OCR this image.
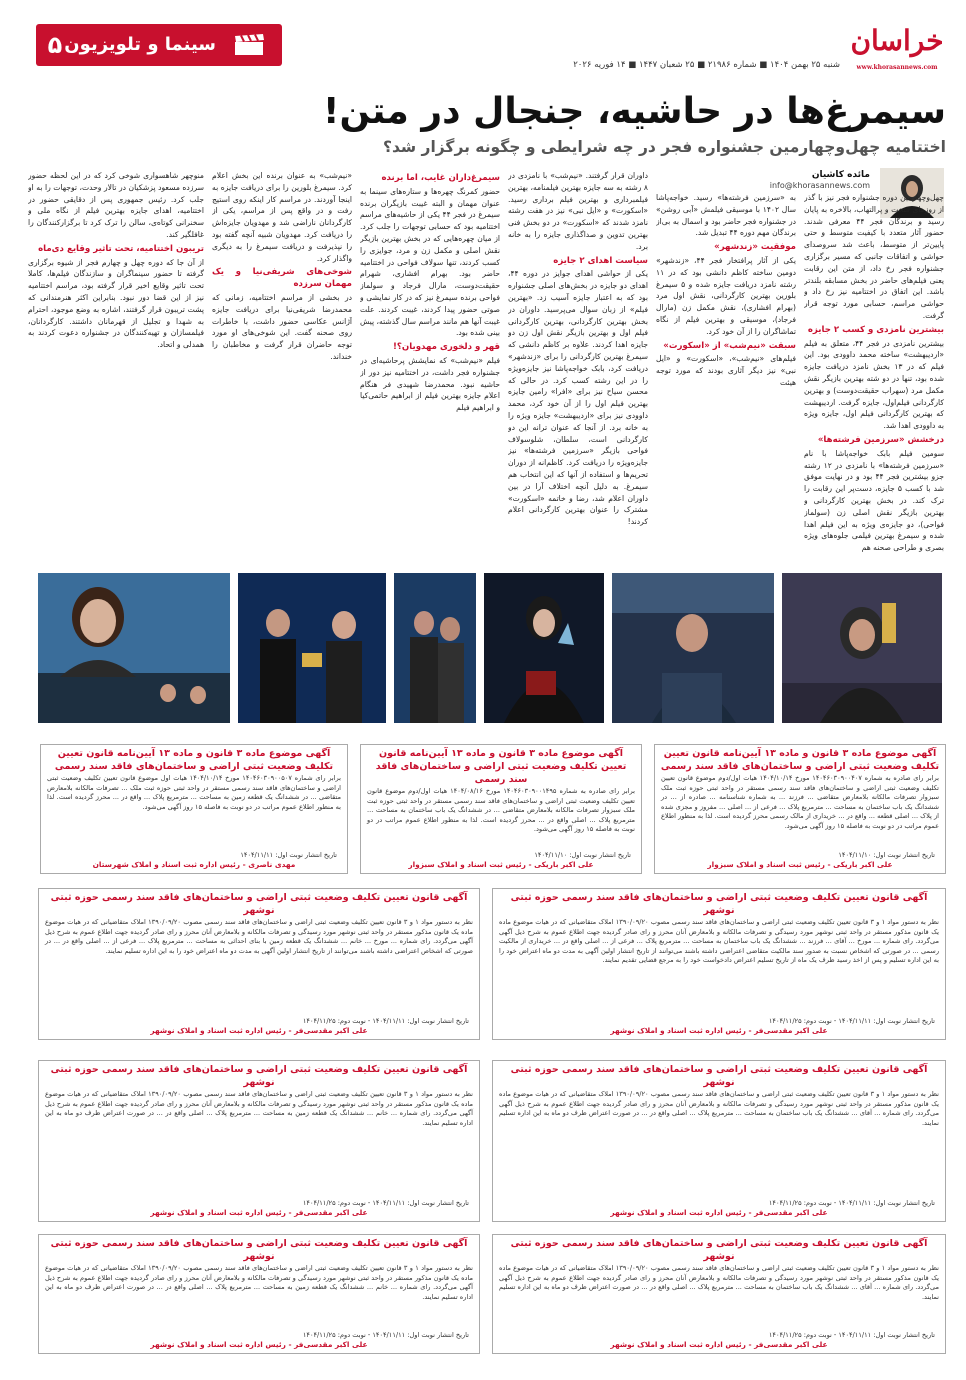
خراسان
www.khorasannews.com
شنبه ۲۵ بهمن ۱۴۰۴ ■ شماره ۲۱۹۸۶ ■ ۲۵ شعبان ۱۴۴۷ ■ ۱۴ فوریه ۲۰۲۶
۵ سینما و تلویزیون
سیمرغ‌ها در حاشیه، جنجال در متن!
اختتامیه چهل‌وچهارمین جشنواره فجر در چه شرایطی و چگونه برگزار شد؟
مائده کاشیان
info@khorasannews.com

چهل‌وچهارمین دوره جشنواره فجر نیز با گذر از روزهای سخت و پرالتهاب، بالاخره به پایان رسید و برندگان فجر ۴۴ معرفی شدند. حضور آثار متعدد با کیفیت متوسط و حتی پایین‌تر از متوسط، باعث شد سروصدای حواشی و اتفاقات جانبی که مسیر برگزاری جشنواره فجر رخ داد، از متن این رقابت یعنی فیلم‌های حاضر در بخش مسابقه بلندتر باشد. این اتفاق در اختتامیه نیز رخ داد و حواشی مراسم، حسابی مورد توجه قرار گرفت.

بیشترین نامزدی و کسب ۲ جایزه

بیشترین نامزدی در فجر ۴۴، متعلق به فیلم «اردیبهشت» ساخته محمد داوودی بود. این فیلم که در ۱۳ بخش نامزد دریافت جایزه شده بود، تنها در دو شته بهترین بازیگر نقش مکمل مرد (سهراب حقیقت‌دوست) و بهترین کارگردانی فیلم‌اول، جایزه گرفت. اردیبهشت که بهترین کارگردانی فیلم اول، جایزه ویژه به داوودی اهدا شد.

درخشش «سرزمین فرشته‌ها»

سومین فیلم بابک خواجه‌پاشا با نام «سرزمین فرشته‌ها» با نامزدی در ۱۲ رشته جزو بیشترین فجر ۴۴ بود و در نهایت موفق شد با کسب ۵ جایزه، دست‌پر این رقابت را ترک کند. در بخش بهترین کارگردانی و بهترین بازیگر نقش اصلی زن (سولماز فواحی)، دو جایزه‌ی ویژه به این فیلم اهدا شده و سیمرغ بهترین فیلمی جلوه‌های ویژه بصری و طراحی صحنه هم

به «سرزمین فرشته‌ها» رسید. خواجه‌پاشا سال ۱۴۰۲ با موسیقی فیلمش «آبی روشن» در جشنواره فجر حاضر بود و اسمال به بی‌از برندگان مهم دوره ۴۴ تبدیل شد.

موفقیت «زندشهر»

یکی از آثار پرافتخار فجر ۴۴، «زندشهر» دومین ساخته کاظم دانشی بود که در ۱۱ رشته نامزد دریافت جایزه شده و ۵ سیمرغ بلورین بهترین کارگردانی، نقش اول مرد (بهرام افشاری)، نقش مکمل زن (مارال فرجاد)، موسیقی و بهترین فیلم از نگاه تماشاگران را از آن خود کرد.

سبقت «نیم‌شب» از «اسکورت»

فیلم‌های «نیم‌شب»، «اسکورت» و «ایل نبی» نیز دیگر آثاری بودند که مورد توجه هیئت

داوران قرار گرفتند. «نیم‌شب» با نامزدی در ۸ رشته به سه جایزه بهترین فیلمنامه، بهترین فیلمبرداری و بهترین فیلم برداری رسید. «اسکورت» و «ایل نبی» نیز در هفت رشته نامزد شدند که «اسکورت» در دو بخش فنی بهترین تدوین و صداگذاری جایزه را به خانه برد.

سیاست اهدای ۲ جایزه

یکی از حواشی اهدای جوایز در دوره ۴۴، اهدای دو جایزه در بخش‌های اصلی جشنواره بود که به اعتبار جایزه آسیب زد. «بهترین فیلم» از زبان سوال می‌پرسید. داوران در بخش بهترین کارگردانی، بهترین کارگردانی فیلم اول و بهترین بازیگر نقش اول زن دو جایزه اهدا کردند. علاوه بر کاظم دانشی که سیمرغ بهترین کارگردانی را برای «زندشهر» دریافت کرد، بابک خواجه‌پاشا نیز جایزه‌ویژه را در این رشته کسب کرد. در حالی که محسن سیاح نیز برای «افرا» رامین جایزه بهترین فیلم اول را از آن خود کرد، محمد داوودی نیز برای «اردیبهشت» جایزه ویژه را به خانه برد. از آنجا که عنوان ترانه این دو کارگردانی است، سلطان، شلوسولاف فواحی بازیگر «سرزمین فرشته‌ها» نیز جایزه‌ویژه را دریافت کرد. کاظم‌انه از دوران تحریم‌ها و استفاده از آنها که این انتخاب هم سیمرغ. به دلیل آنچه اختلاف آرا در بین داوران اعلام شد، رضا و خاتمه «اسکورت» مشترک را عنوان بهترین کارگردانی اعلام کردند!

سیمرغ‌داران غایب، اما برنده

حضور کمرنگ چهره‌ها و ستاره‌های سینما به عنوان مهمان و البته غیبت بازیگران برنده سیمرغ در فجر ۴۴ یکی از حاشیه‌های مراسم اختتامیه بود که حسابی توجهات را جلب کرد. از میان چهره‌هایی که در بخش بهترین بازیگر نقش اصلی و مکمل زن و مرد، جوایزی را کسب کردند، تنها سولاف فواحی در اختتامیه حاضر بود. بهرام افشاری، شهرام حقیقت‌دوست، مارال فرجاد و سولماز فواحی برنده سیمرغ نیز که در کار نمایشی و صوتی حضور پیدا کردند، غیبت کردند. علت غیبت آنها هم مانند مراسم سال گذشته، پیش بینی شده بود.

قهر و دلخوری مهدویان؟!

فیلم «نیم‌شب» که نمایشش پرحاشیه‌ای در جشنواره فجر داشت، در اختتامیه نیز دور از حاشیه نبود. محمدرضا شهیدی فر هنگام اعلام جایزه بهترین فیلم از ابراهیم حاتمی‌کیا و ابراهیم فیلم

«نیم‌شب» به عنوان برنده این بخش اعلام کرد. سیمرغ بلورین را برای دریافت جایزه به اینجا آوردند. در مراسم کار اینکه روی استیج رفت و در واقع پس از مراسم، یکی از کارگردانان ناراضی شد و مهدویان جایزه‌اش را دریافت کرد. مهدویان شبیه آنچه گفته بود را نپذیرفت و دریافت سیمرغ را به دیگری واگذار کرد.

شوخی‌های شریفی‌نیا و یک مهمان سرزده

در بخشی از مراسم اختتامیه، زمانی که محمدرضا شریفی‌نیا برای دریافت جایزه آژانس عکاسی حضور داشت، با خاطرات روی صحنه گفت. این شوخی‌های او مورد توجه حاضران قرار گرفت و مخاطبان را خنداند.

منوچهر شاهسواری شوخی کرد که در این لحظه حضور سرزده مسعود پزشکیان در تالار وحدت، توجهات را به او جلب کرد. رئیس جمهوری پس از دقایقی حضور در اختتامیه، اهدای جایزه بهترین فیلم از نگاه ملی و سخنرانی کوتاه‌ی، سالن را ترک کرد تا برگزارکنندگان را غافلگیر کند.

تریبون اختتامیه، تحت تاثیر وقایع دی‌ماه

از آن جا که دوره چهل و چهارم فجر از شیوه برگزاری گرفته تا حضور سینماگران و سازندگان فیلم‌ها، کاملا تحت تاثیر وقایع اخیر قرار گرفته بود، مراسم اختتامیه نیز از این قضا دور نبود. بنابراین اکثر هنرمندانی که پشت تریبون قرار گرفتند، اشاره به وضع موجود، احترام به شهدا و تجلیل از قهرمانان داشتند. کارگردانان، فیلمسازان و تهیه‌کنندگان در جشنواره دعوت کردند به همدلی و اتحاد.

آگهی موضوع ماده ۳ قانون و ماده ۱۳ آیین‌نامه قانون تعیین تکلیف وضعیت ثبتی اراضی و ساختمان‌های فاقد سند رسمی
برابر رای صادره به شماره ۱۴۰۴۶۰۳۰۹۰۰۴۰۷ مورخ ۱۴۰۴/۱۰/۱۴ هیات اول/دوم موضوع قانون تعیین تکلیف وضعیت ثبتی اراضی و ساختمان‌های فاقد سند رسمی مستقر در واحد ثبتی حوزه ثبت ملک سبزوار تصرفات مالکانه بلامعارض متقاضی ... فرزند ... به شماره شناسنامه ... صادره از ... در ششدانگ یک باب ساختمان به مساحت ... مترمربع پلاک ... فرعی از ... اصلی ... مفروز و مجزی شده از پلاک ... اصلی قطعه ... واقع در ... خریداری از مالک رسمی محرز گردیده است. لذا به منظور اطلاع عموم مراتب در دو نوبت به فاصله ۱۵ روز آگهی می‌شود.
تاریخ انتشار نوبت اول: ۱۴۰۴/۱۱/۱۰
علی اکبر باریکی - رئیس ثبت اسناد و املاک سبزوار
آگهی موضوع ماده ۳ قانون و ماده ۱۳ آیین‌نامه قانون تعیین تکلیف وضعیت ثبتی اراضی و ساختمان‌های فاقد سند رسمی
برابر رای صادره به شماره ۱۴۰۴۶۰۳۰۹۰۰۱۴۹۵ مورخ ۱۴۰۴/۰۸/۱۶ هیات اول/دوم موضوع قانون تعیین تکلیف وضعیت ثبتی اراضی و ساختمان‌های فاقد سند رسمی مستقر در واحد ثبتی حوزه ثبت ملک سبزوار تصرفات مالکانه بلامعارض متقاضی ... در ششدانگ یک باب ساختمان به مساحت ... مترمربع پلاک ... اصلی واقع در ... محرز گردیده است. لذا به منظور اطلاع عموم مراتب در دو نوبت به فاصله ۱۵ روز آگهی می‌شود.
تاریخ انتشار نوبت اول: ۱۴۰۴/۱۱/۱۰
علی اکبر باریکی - رئیس ثبت اسناد و املاک سبزوار
آگهی موضوع ماده ۳ قانون و ماده ۱۳ آیین‌نامه قانون تعیین تکلیف وضعیت ثبتی اراضی و ساختمان‌های فاقد سند رسمی
برابر رای شماره ۱۴۰۴۶۰۳۰۹۰۰۵۰۷ مورخ ۱۴۰۴/۱۰/۱۴ هیات اول موضوع قانون تعیین تکلیف وضعیت ثبتی اراضی و ساختمان‌های فاقد سند رسمی مستقر در واحد ثبتی حوزه ثبت ملک ... تصرفات مالکانه بلامعارض متقاضی ... در ششدانگ یک قطعه زمین به مساحت ... مترمربع پلاک ... واقع در ... محرز گردیده است. لذا به منظور اطلاع عموم مراتب در دو نوبت به فاصله ۱۵ روز آگهی می‌شود.
تاریخ انتشار نوبت اول: ۱۴۰۴/۱۱/۱۱
مهدی ناصری - رئیس اداره ثبت اسناد و املاک شهرستان
آگهی قانون تعیین تکلیف وضعیت ثبتی اراضی و ساختمان‌های فاقد سند رسمی حوزه ثبتی نوشهر
نظر به دستور مواد ۱ و ۳ قانون تعیین تکلیف وضعیت ثبتی اراضی و ساختمان‌های فاقد سند رسمی مصوب ۱۳۹۰/۰۹/۲۰ املاک متقاضیانی که در هیات موضوع ماده یک قانون مذکور مستقر در واحد ثبتی نوشهر مورد رسیدگی و تصرفات مالکانه و بلامعارض آنان محرز و رای صادر گردیده جهت اطلاع عموم به شرح ذیل آگهی می‌گردد. رای شماره ... مورخ ... آقای ... فرزند ... ششدانگ یک باب ساختمان به مساحت ... مترمربع پلاک ... فرعی از ... اصلی واقع در ... خریداری از مالکیت رسمی ... در صورتی که اشخاص نسبت به صدور سند مالکیت متقاضی اعتراضی داشته باشند می‌توانند از تاریخ انتشار اولین آگهی به مدت دو ماه اعتراض خود را به این اداره تسلیم و پس از اخذ رسید ظرف یک ماه از تاریخ تسلیم اعتراض دادخواست خود را به مرجع قضایی تقدیم نمایند.
تاریخ انتشار نوبت اول: ۱۴۰۴/۱۱/۱۱ - نوبت دوم: ۱۴۰۴/۱۱/۲۵
علی اکبر مقدسی‌فر - رئیس اداره ثبت اسناد و املاک نوشهر
آگهی قانون تعیین تکلیف وضعیت ثبتی اراضی و ساختمان‌های فاقد سند رسمی حوزه ثبتی نوشهر
نظر به دستور مواد ۱ و ۳ قانون تعیین تکلیف وضعیت ثبتی اراضی و ساختمان‌های فاقد سند رسمی مصوب ۱۳۹۰/۰۹/۲۰ املاک متقاضیانی که در هیات موضوع ماده یک قانون مذکور مستقر در واحد ثبتی نوشهر مورد رسیدگی و تصرفات مالکانه و بلامعارض آنان محرز و رای صادر گردیده جهت اطلاع عموم به شرح ذیل آگهی می‌گردد. رای شماره ... مورخ ... خانم ... ششدانگ یک قطعه زمین با بنای احداثی به مساحت ... مترمربع پلاک ... فرعی از ... اصلی واقع در ... در صورتی که اشخاص اعتراضی داشته باشند می‌توانند از تاریخ انتشار اولین آگهی به مدت دو ماه اعتراض خود را به این اداره تسلیم نمایند.
تاریخ انتشار نوبت اول: ۱۴۰۴/۱۱/۱۱ - نوبت دوم: ۱۴۰۴/۱۱/۲۵
علی اکبر مقدسی‌فر - رئیس اداره ثبت اسناد و املاک نوشهر
آگهی قانون تعیین تکلیف وضعیت ثبتی اراضی و ساختمان‌های فاقد سند رسمی حوزه ثبتی نوشهر
نظر به دستور مواد ۱ و ۳ قانون تعیین تکلیف وضعیت ثبتی اراضی و ساختمان‌های فاقد سند رسمی مصوب ۱۳۹۰/۰۹/۲۰ املاک متقاضیانی که در هیات موضوع ماده یک قانون مذکور مستقر در واحد ثبتی نوشهر مورد رسیدگی و تصرفات مالکانه و بلامعارض آنان محرز و رای صادر گردیده جهت اطلاع عموم به شرح ذیل آگهی می‌گردد. رای شماره ... آقای ... ششدانگ یک باب ساختمان به مساحت ... مترمربع پلاک ... اصلی واقع در ... در صورت اعتراض ظرف دو ماه به این اداره تسلیم نمایند.
تاریخ انتشار نوبت اول: ۱۴۰۴/۱۱/۱۱ - نوبت دوم: ۱۴۰۴/۱۱/۲۵
علی اکبر مقدسی‌فر - رئیس اداره ثبت اسناد و املاک نوشهر
آگهی قانون تعیین تکلیف وضعیت ثبتی اراضی و ساختمان‌های فاقد سند رسمی حوزه ثبتی نوشهر
نظر به دستور مواد ۱ و ۳ قانون تعیین تکلیف وضعیت ثبتی اراضی و ساختمان‌های فاقد سند رسمی مصوب ۱۳۹۰/۰۹/۲۰ املاک متقاضیانی که در هیات موضوع ماده یک قانون مذکور مستقر در واحد ثبتی نوشهر مورد رسیدگی و تصرفات مالکانه و بلامعارض آنان محرز و رای صادر گردیده جهت اطلاع عموم به شرح ذیل آگهی می‌گردد. رای شماره ... خانم ... ششدانگ یک قطعه زمین به مساحت ... مترمربع پلاک ... اصلی واقع در ... در صورت اعتراض ظرف دو ماه به این اداره تسلیم نمایند.
تاریخ انتشار نوبت اول: ۱۴۰۴/۱۱/۱۱ - نوبت دوم: ۱۴۰۴/۱۱/۲۵
علی اکبر مقدسی‌فر - رئیس اداره ثبت اسناد و املاک نوشهر
آگهی قانون تعیین تکلیف وضعیت ثبتی اراضی و ساختمان‌های فاقد سند رسمی حوزه ثبتی نوشهر
نظر به دستور مواد ۱ و ۳ قانون تعیین تکلیف وضعیت ثبتی اراضی و ساختمان‌های فاقد سند رسمی مصوب ۱۳۹۰/۰۹/۲۰ املاک متقاضیانی که در هیات موضوع ماده یک قانون مذکور مستقر در واحد ثبتی نوشهر مورد رسیدگی و تصرفات مالکانه و بلامعارض آنان محرز و رای صادر گردیده جهت اطلاع عموم به شرح ذیل آگهی می‌گردد. رای شماره ... آقای ... ششدانگ یک باب ساختمان به مساحت ... مترمربع پلاک ... اصلی واقع در ... در صورت اعتراض ظرف دو ماه به این اداره تسلیم نمایند.
تاریخ انتشار نوبت اول: ۱۴۰۴/۱۱/۱۱ - نوبت دوم: ۱۴۰۴/۱۱/۲۵
علی اکبر مقدسی‌فر - رئیس اداره ثبت اسناد و املاک نوشهر
آگهی قانون تعیین تکلیف وضعیت ثبتی اراضی و ساختمان‌های فاقد سند رسمی حوزه ثبتی نوشهر
نظر به دستور مواد ۱ و ۳ قانون تعیین تکلیف وضعیت ثبتی اراضی و ساختمان‌های فاقد سند رسمی مصوب ۱۳۹۰/۰۹/۲۰ املاک متقاضیانی که در هیات موضوع ماده یک قانون مذکور مستقر در واحد ثبتی نوشهر مورد رسیدگی و تصرفات مالکانه و بلامعارض آنان محرز و رای صادر گردیده جهت اطلاع عموم به شرح ذیل آگهی می‌گردد. رای شماره ... خانم ... ششدانگ یک قطعه زمین به مساحت ... مترمربع پلاک ... اصلی واقع در ... در صورت اعتراض ظرف دو ماه به این اداره تسلیم نمایند.
تاریخ انتشار نوبت اول: ۱۴۰۴/۱۱/۱۱ - نوبت دوم: ۱۴۰۴/۱۱/۲۵
علی اکبر مقدسی‌فر - رئیس اداره ثبت اسناد و املاک نوشهر
